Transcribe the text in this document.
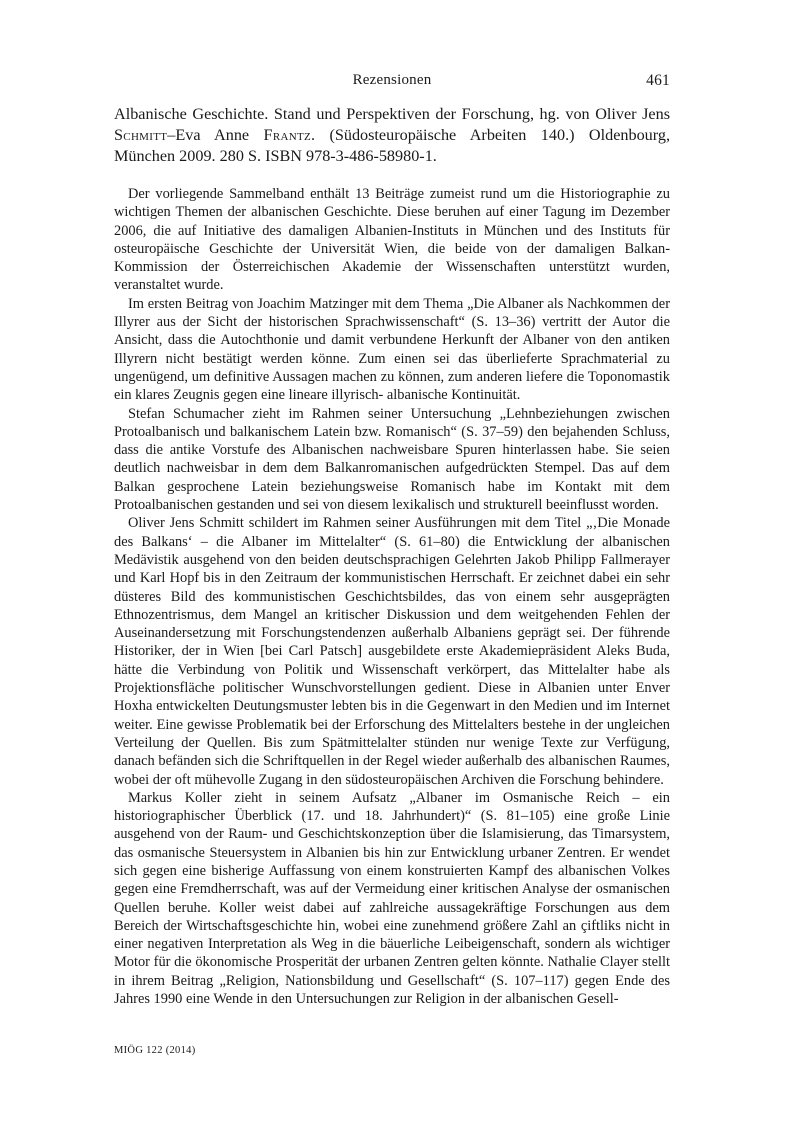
Rezensionen	461
Albanische Geschichte. Stand und Perspektiven der Forschung, hg. von Oliver Jens Schmitt–Eva Anne Frantz. (Südosteuropäische Arbeiten 140.) Oldenbourg, München 2009. 280 S. ISBN 978-3-486-58980-1.

Der vorliegende Sammelband enthält 13 Beiträge zumeist rund um die Historiographie zu wichtigen Themen der albanischen Geschichte. Diese beruhen auf einer Tagung im Dezember 2006, die auf Initiative des damaligen Albanien-Instituts in München und des Instituts für osteuropäische Geschichte der Universität Wien, die beide von der damaligen Balkan-Kommission der Österreichischen Akademie der Wissenschaften unterstützt wurden, veranstaltet wurde.

Im ersten Beitrag von Joachim Matzinger mit dem Thema „Die Albaner als Nachkommen der Illyrer aus der Sicht der historischen Sprachwissenschaft“ (S. 13–36) vertritt der Autor die Ansicht, dass die Autochthonie und damit verbundene Herkunft der Albaner von den antiken Illyrern nicht bestätigt werden könne. Zum einen sei das überlieferte Sprachmaterial zu ungenügend, um definitive Aussagen machen zu können, zum anderen liefere die Toponomastik ein klares Zeugnis gegen eine lineare illyrisch- albanische Kontinuität.

Stefan Schumacher zieht im Rahmen seiner Untersuchung „Lehnbeziehungen zwischen Protoalbanisch und balkanischem Latein bzw. Romanisch“ (S. 37–59) den bejahenden Schluss, dass die antike Vorstufe des Albanischen nachweisbare Spuren hinterlassen habe. Sie seien deutlich nachweisbar in dem dem Balkanromanischen aufgedrückten Stempel. Das auf dem Balkan gesprochene Latein beziehungsweise Romanisch habe im Kontakt mit dem Protoalbanischen gestanden und sei von diesem lexikalisch und strukturell beeinflusst worden.

Oliver Jens Schmitt schildert im Rahmen seiner Ausführungen mit dem Titel „‚Die Monade des Balkans‘ – die Albaner im Mittelalter“ (S. 61–80) die Entwicklung der albanischen Medävistik ausgehend von den beiden deutschsprachigen Gelehrten Jakob Philipp Fallmerayer und Karl Hopf bis in den Zeitraum der kommunistischen Herrschaft. Er zeichnet dabei ein sehr düsteres Bild des kommunistischen Geschichtsbildes, das von einem sehr ausgeprägten Ethnozentrismus, dem Mangel an kritischer Diskussion und dem weitgehenden Fehlen der Auseinandersetzung mit Forschungstendenzen außerhalb Albaniens geprägt sei. Der führende Historiker, der in Wien [bei Carl Patsch] ausgebildete erste Akademiepräsident Aleks Buda, hätte die Verbindung von Politik und Wissenschaft verkörpert, das Mittelalter habe als Projektionsfläche politischer Wunschvorstellungen gedient. Diese in Albanien unter Enver Hoxha entwickelten Deutungsmuster lebten bis in die Gegenwart in den Medien und im Internet weiter. Eine gewisse Problematik bei der Erforschung des Mittelalters bestehe in der ungleichen Verteilung der Quellen. Bis zum Spätmittelalter stünden nur wenige Texte zur Verfügung, danach befänden sich die Schriftquellen in der Regel wieder außerhalb des albanischen Raumes, wobei der oft mühevolle Zugang in den südosteuropäischen Archiven die Forschung behindere.

Markus Koller zieht in seinem Aufsatz „Albaner im Osmanische Reich – ein historiographischer Überblick (17. und 18. Jahrhundert)“ (S. 81–105) eine große Linie ausgehend von der Raum- und Geschichtskonzeption über die Islamisierung, das Timarsystem, das osmanische Steuersystem in Albanien bis hin zur Entwicklung urbaner Zentren. Er wendet sich gegen eine bisherige Auffassung von einem konstruierten Kampf des albanischen Volkes gegen eine Fremdherrschaft, was auf der Vermeidung einer kritischen Analyse der osmanischen Quellen beruhe. Koller weist dabei auf zahlreiche aussagekräftige Forschungen aus dem Bereich der Wirtschaftsgeschichte hin, wobei eine zunehmend größere Zahl an çiftliks nicht in einer negativen Interpretation als Weg in die bäuerliche Leibeigenschaft, sondern als wichtiger Motor für die ökonomische Prosperität der urbanen Zentren gelten könnte. Nathalie Clayer stellt in ihrem Beitrag „Religion, Nationsbildung und Gesellschaft“ (S. 107–117) gegen Ende des Jahres 1990 eine Wende in den Untersuchungen zur Religion in der albanischen Gesell-

MIÖG 122 (2014)
